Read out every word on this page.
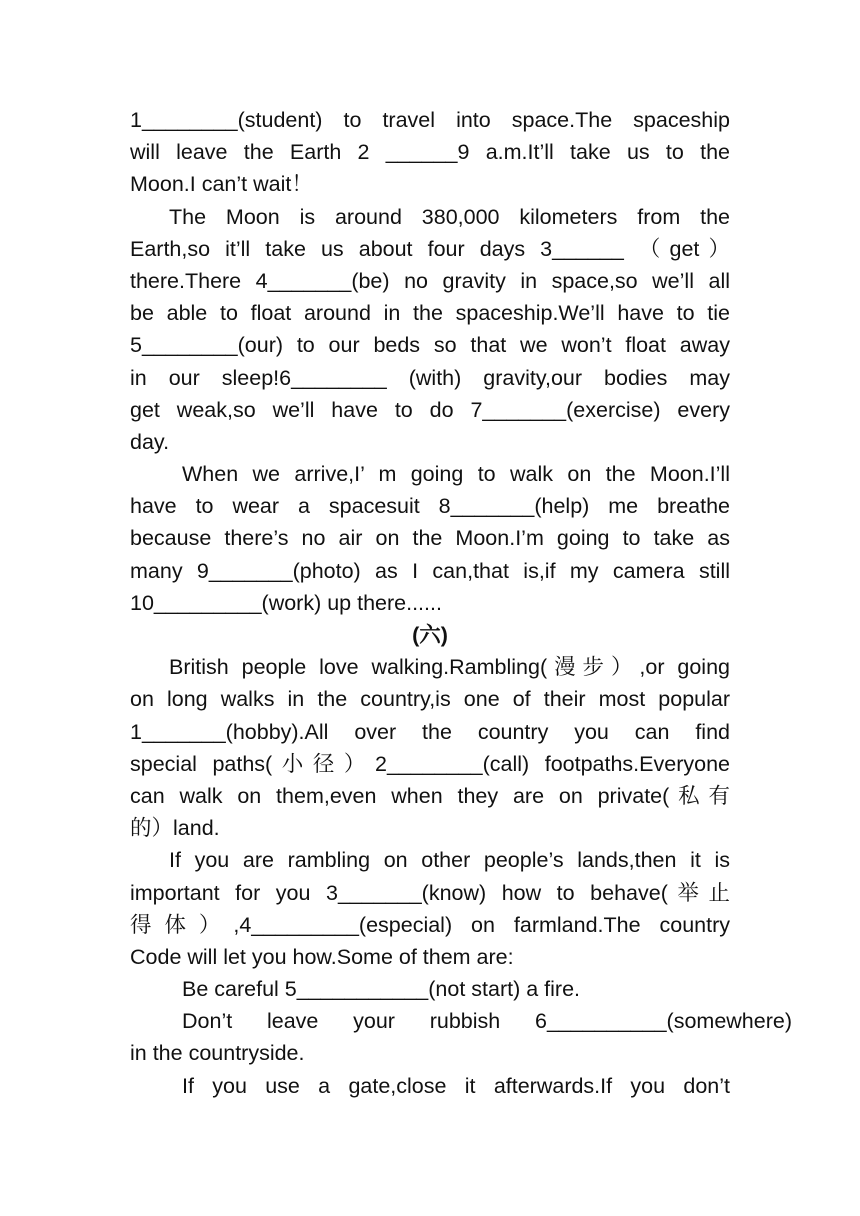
1________(student) to travel into space.The spaceship
will leave the Earth 2 ______9 a.m.It’ll take us to the
Moon.I can’t wait！
The Moon is around 380,000 kilometers from the
Earth,so it’ll take us about four days 3______ （get）
there.There 4_______(be) no gravity in space,so we’ll all
be able to float around in the spaceship.We’ll have to tie
5________(our) to our beds so that we won’t float away
in our sleep!6________ (with) gravity,our bodies may
get weak,so we’ll have to do 7_______(exercise) every
day.
When we arrive,I’ m going to walk on the Moon.I’ll
have to wear a spacesuit 8_______(help) me breathe
because there’s no air on the Moon.I’m going to take as
many 9_______(photo) as I can,that is,if my camera still
10_________(work) up there......
(六)
British people love walking.Rambling(漫步）,or going
on long walks in the country,is one of their most popular
1_______(hobby).All over the country you can find
special paths(小径）2________(call) footpaths.Everyone
can walk on them,even when they are on private(私有
的）land.
If you are rambling on other people’s lands,then it is
important for you 3_______(know) how to behave(举止
得体）,4_________(especial) on farmland.The country
Code will let you how.Some of them are:
Be careful 5___________(not start) a fire.
Don’t leave your rubbish 6__________(somewhere)
in the countryside.
If you use a gate,close it afterwards.If you don’t
